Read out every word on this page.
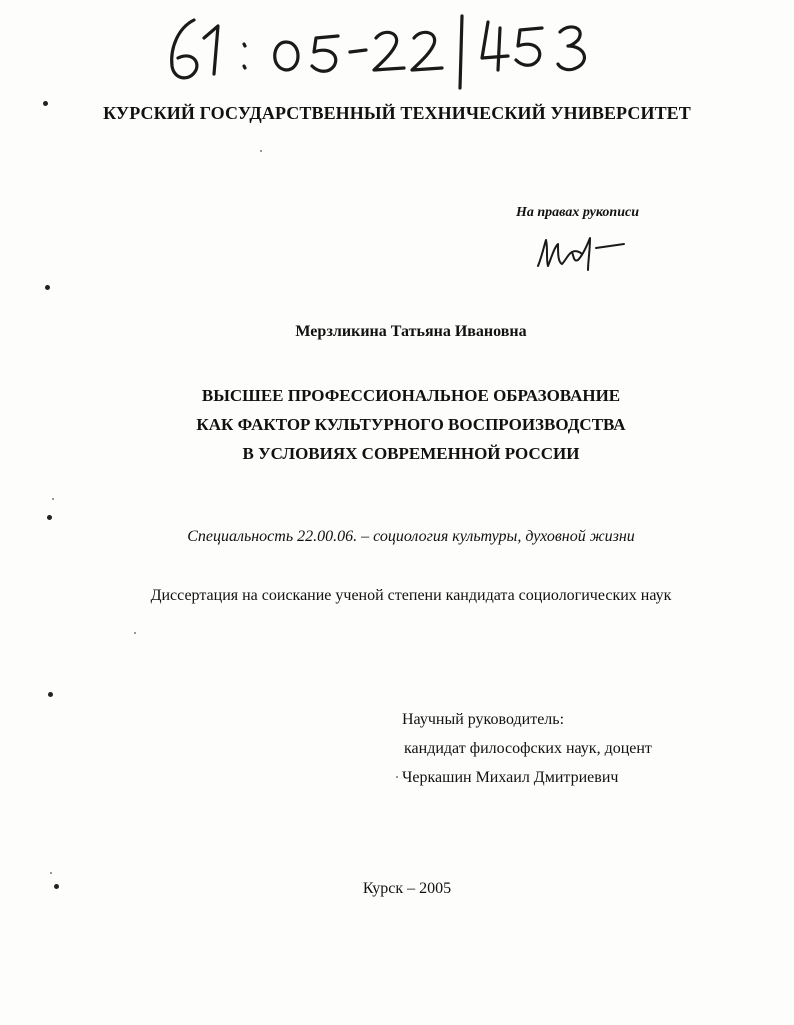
КУРСКИЙ ГОСУДАРСТВЕННЫЙ ТЕХНИЧЕСКИЙ УНИВЕРСИТЕТ
На правах рукописи
Мерзликина Татьяна Ивановна
ВЫСШЕЕ ПРОФЕССИОНАЛЬНОЕ ОБРАЗОВАНИЕ
КАК ФАКТОР КУЛЬТУРНОГО ВОСПРОИЗВОДСТВА
В УСЛОВИЯХ СОВРЕМЕННОЙ РОССИИ
Специальность 22.00.06. – социология культуры, духовной жизни
Диссертация на соискание ученой степени кандидата социологических наук
Научный руководитель:
кандидат философских наук, доцент
Черкашин Михаил Дмитриевич
Курск – 2005
